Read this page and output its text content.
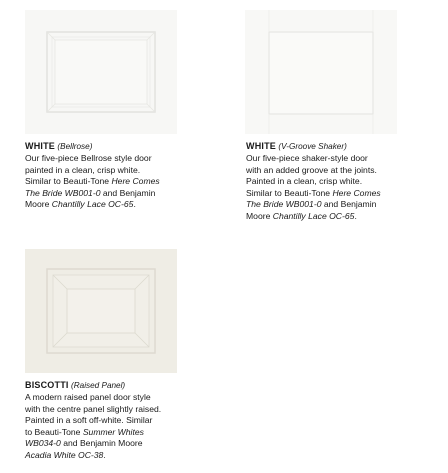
WHITE (Bellrose)
Our five-piece Bellrose style door
painted in a clean, crisp white.
Similar to Beauti-Tone Here Comes
The Bride WB001-0 and Benjamin
Moore Chantilly Lace OC-65.
WHITE (V-Groove Shaker)
Our five-piece shaker-style door
with an added groove at the joints.
Painted in a clean, crisp white.
Similar to Beauti-Tone Here Comes
The Bride WB001-0 and Benjamin
Moore Chantilly Lace OC-65.
BISCOTTI (Raised Panel)
A modern raised panel door style
with the centre panel slightly raised.
Painted in a soft off-white. Similar
to Beauti-Tone Summer Whites
WB034-0 and Benjamin Moore
Acadia White OC-38.
